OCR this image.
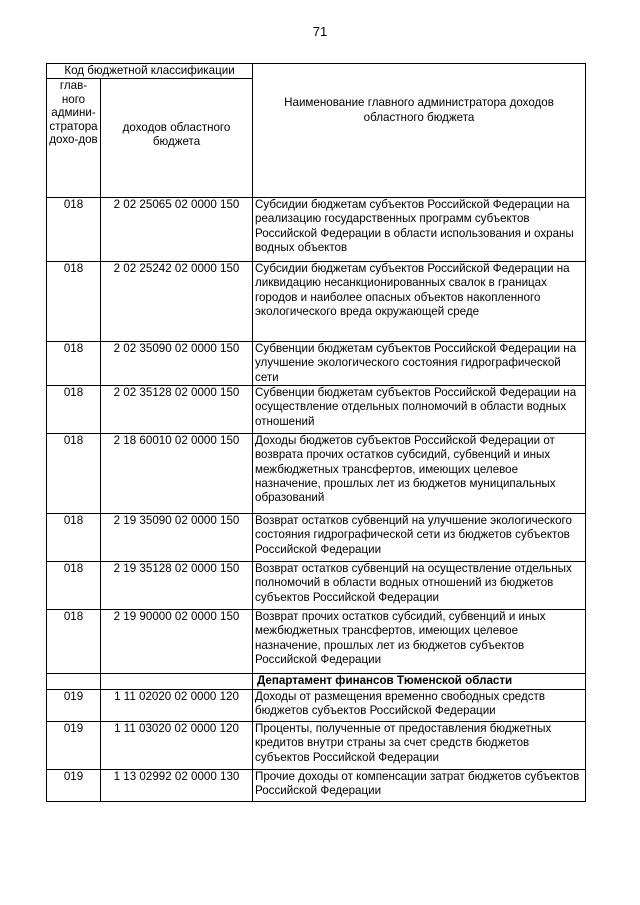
71
Код бюджетной классификации		Наименование главного администратора доходов областного бюджета
глав-ного админи-стратора дохо-дов	доходов областного бюджета	
018	2 02 25065 02 0000 150	Субсидии бюджетам субъектов Российской Федерации на реализацию государственных программ субъектов Российской Федерации в области использования и охраны водных объектов
018	2 02 25242 02 0000 150	Субсидии бюджетам субъектов Российской Федерации на ликвидацию несанкционированных свалок в границах городов и наиболее опасных объектов накопленного экологического вреда окружающей среде
018	2 02 35090 02 0000 150	Субвенции бюджетам субъектов Российской Федерации на улучшение экологического состояния гидрографической сети
018	2 02 35128 02 0000 150	Субвенции бюджетам субъектов Российской Федерации на осуществление отдельных полномочий в области водных отношений
018	2 18 60010 02 0000 150	Доходы бюджетов субъектов Российской Федерации от возврата прочих остатков субсидий, субвенций и иных межбюджетных трансфертов, имеющих целевое назначение, прошлых лет из бюджетов муниципальных образований
018	2 19 35090 02 0000 150	Возврат остатков субвенций на улучшение экологического состояния гидрографической сети из бюджетов субъектов Российской Федерации
018	2 19 35128 02 0000 150	Возврат остатков субвенций на осуществление отдельных полномочий в области водных отношений из бюджетов субъектов Российской Федерации
018	2 19 90000 02 0000 150	Возврат прочих остатков субсидий, субвенций и иных межбюджетных трансфертов, имеющих целевое назначение, прошлых лет из бюджетов субъектов Российской Федерации
		Департамент финансов Тюменской области
019	1 11 02020 02 0000 120	Доходы от размещения временно свободных средств бюджетов субъектов Российской Федерации
019	1 11 03020 02 0000 120	Проценты, полученные от предоставления бюджетных кредитов внутри страны за счет средств бюджетов субъектов Российской Федерации
019	1 13 02992 02 0000 130	Прочие доходы от компенсации затрат бюджетов субъектов Российской Федерации
